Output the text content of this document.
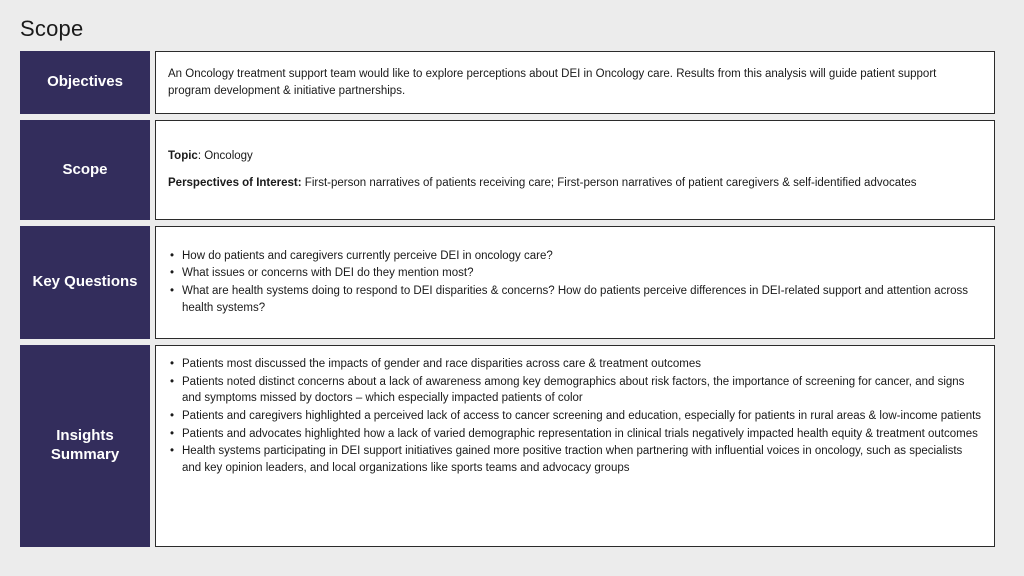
Scope
Objectives	An Oncology treatment support team would like to explore perceptions about DEI in Oncology care. Results from this analysis will guide patient support program development & initiative partnerships.

Scope

Topic: Oncology

Perspectives of Interest: First-person narratives of patients receiving care; First-person narratives of patient caregivers & self-identified advocates

Key Questions
• How do patients and caregivers currently perceive DEI in oncology care?
• What issues or concerns with DEI do they mention most?
• What are health systems doing to respond to DEI disparities & concerns? How do patients perceive differences in DEI-related support and attention across health systems?
Insights
Summary
• Patients most discussed the impacts of gender and race disparities across care & treatment outcomes
• Patients noted distinct concerns about a lack of awareness among key demographics about risk factors, the importance of screening for cancer, and signs and symptoms missed by doctors – which especially impacted patients of color
• Patients and caregivers highlighted a perceived lack of access to cancer screening and education, especially for patients in rural areas & low-income patients
• Patients and advocates highlighted how a lack of varied demographic representation in clinical trials negatively impacted health equity & treatment outcomes
• Health systems participating in DEI support initiatives gained more positive traction when partnering with influential voices in oncology, such as specialists and key opinion leaders, and local organizations like sports teams and advocacy groups
